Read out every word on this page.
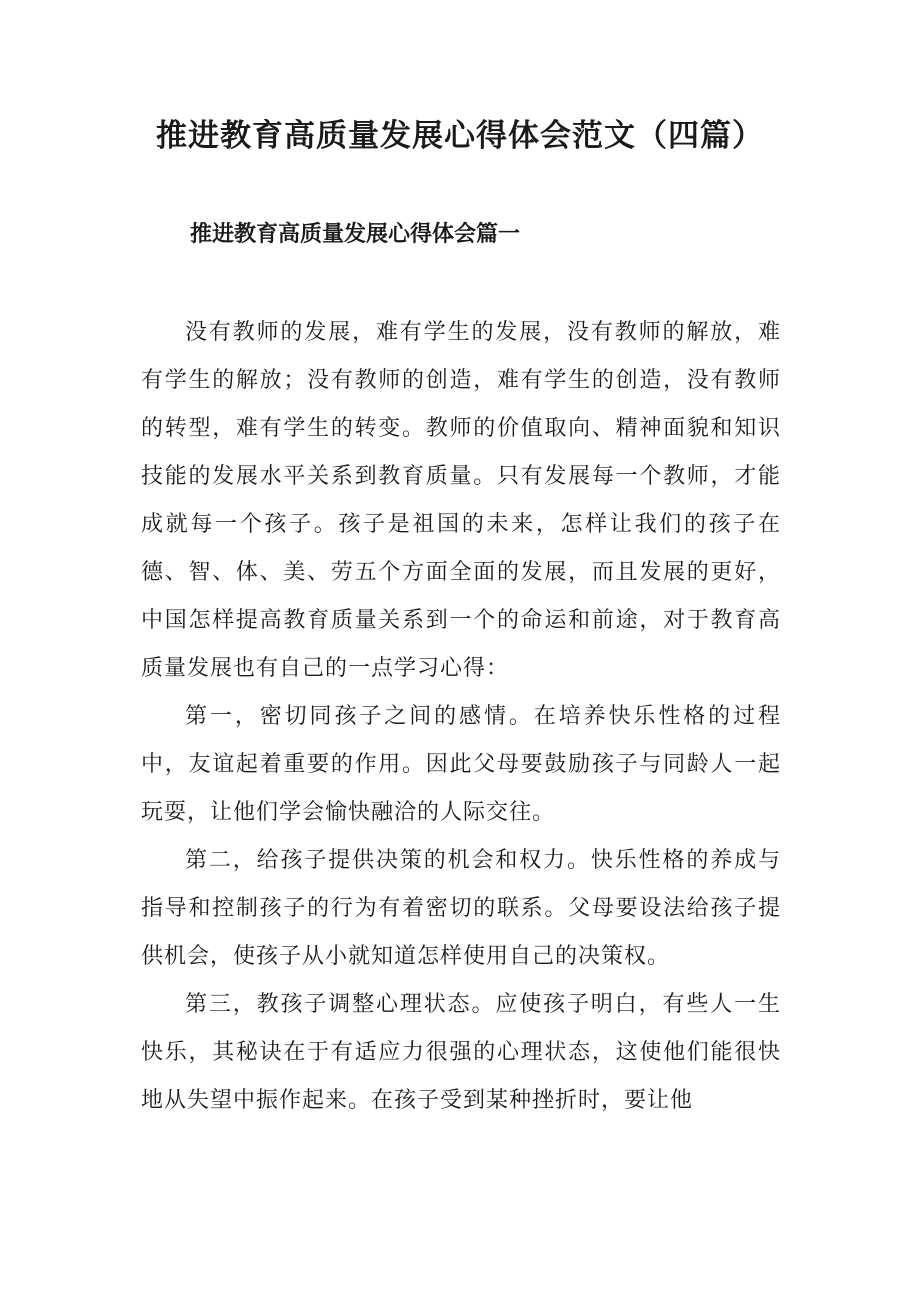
推进教育高质量发展心得体会范文（四篇）
推进教育高质量发展心得体会篇一

没有教师的发展，难有学生的发展，没有教师的解放，难有学生的解放；没有教师的创造，难有学生的创造，没有教师的转型，难有学生的转变。教师的价值取向、精神面貌和知识技能的发展水平关系到教育质量。只有发展每一个教师，才能成就每一个孩子。孩子是祖国的未来，怎样让我们的孩子在德、智、体、美、劳五个方面全面的发展，而且发展的更好，中国怎样提高教育质量关系到一个的命运和前途，对于教育高质量发展也有自己的一点学习心得：

第一，密切同孩子之间的感情。在培养快乐性格的过程中，友谊起着重要的作用。因此父母要鼓励孩子与同龄人一起玩耍，让他们学会愉快融洽的人际交往。

第二，给孩子提供决策的机会和权力。快乐性格的养成与指导和控制孩子的行为有着密切的联系。父母要设法给孩子提供机会，使孩子从小就知道怎样使用自己的决策权。

第三，教孩子调整心理状态。应使孩子明白，有些人一生快乐，其秘诀在于有适应力很强的心理状态，这使他们能很快地从失望中振作起来。在孩子受到某种挫折时，要让他
